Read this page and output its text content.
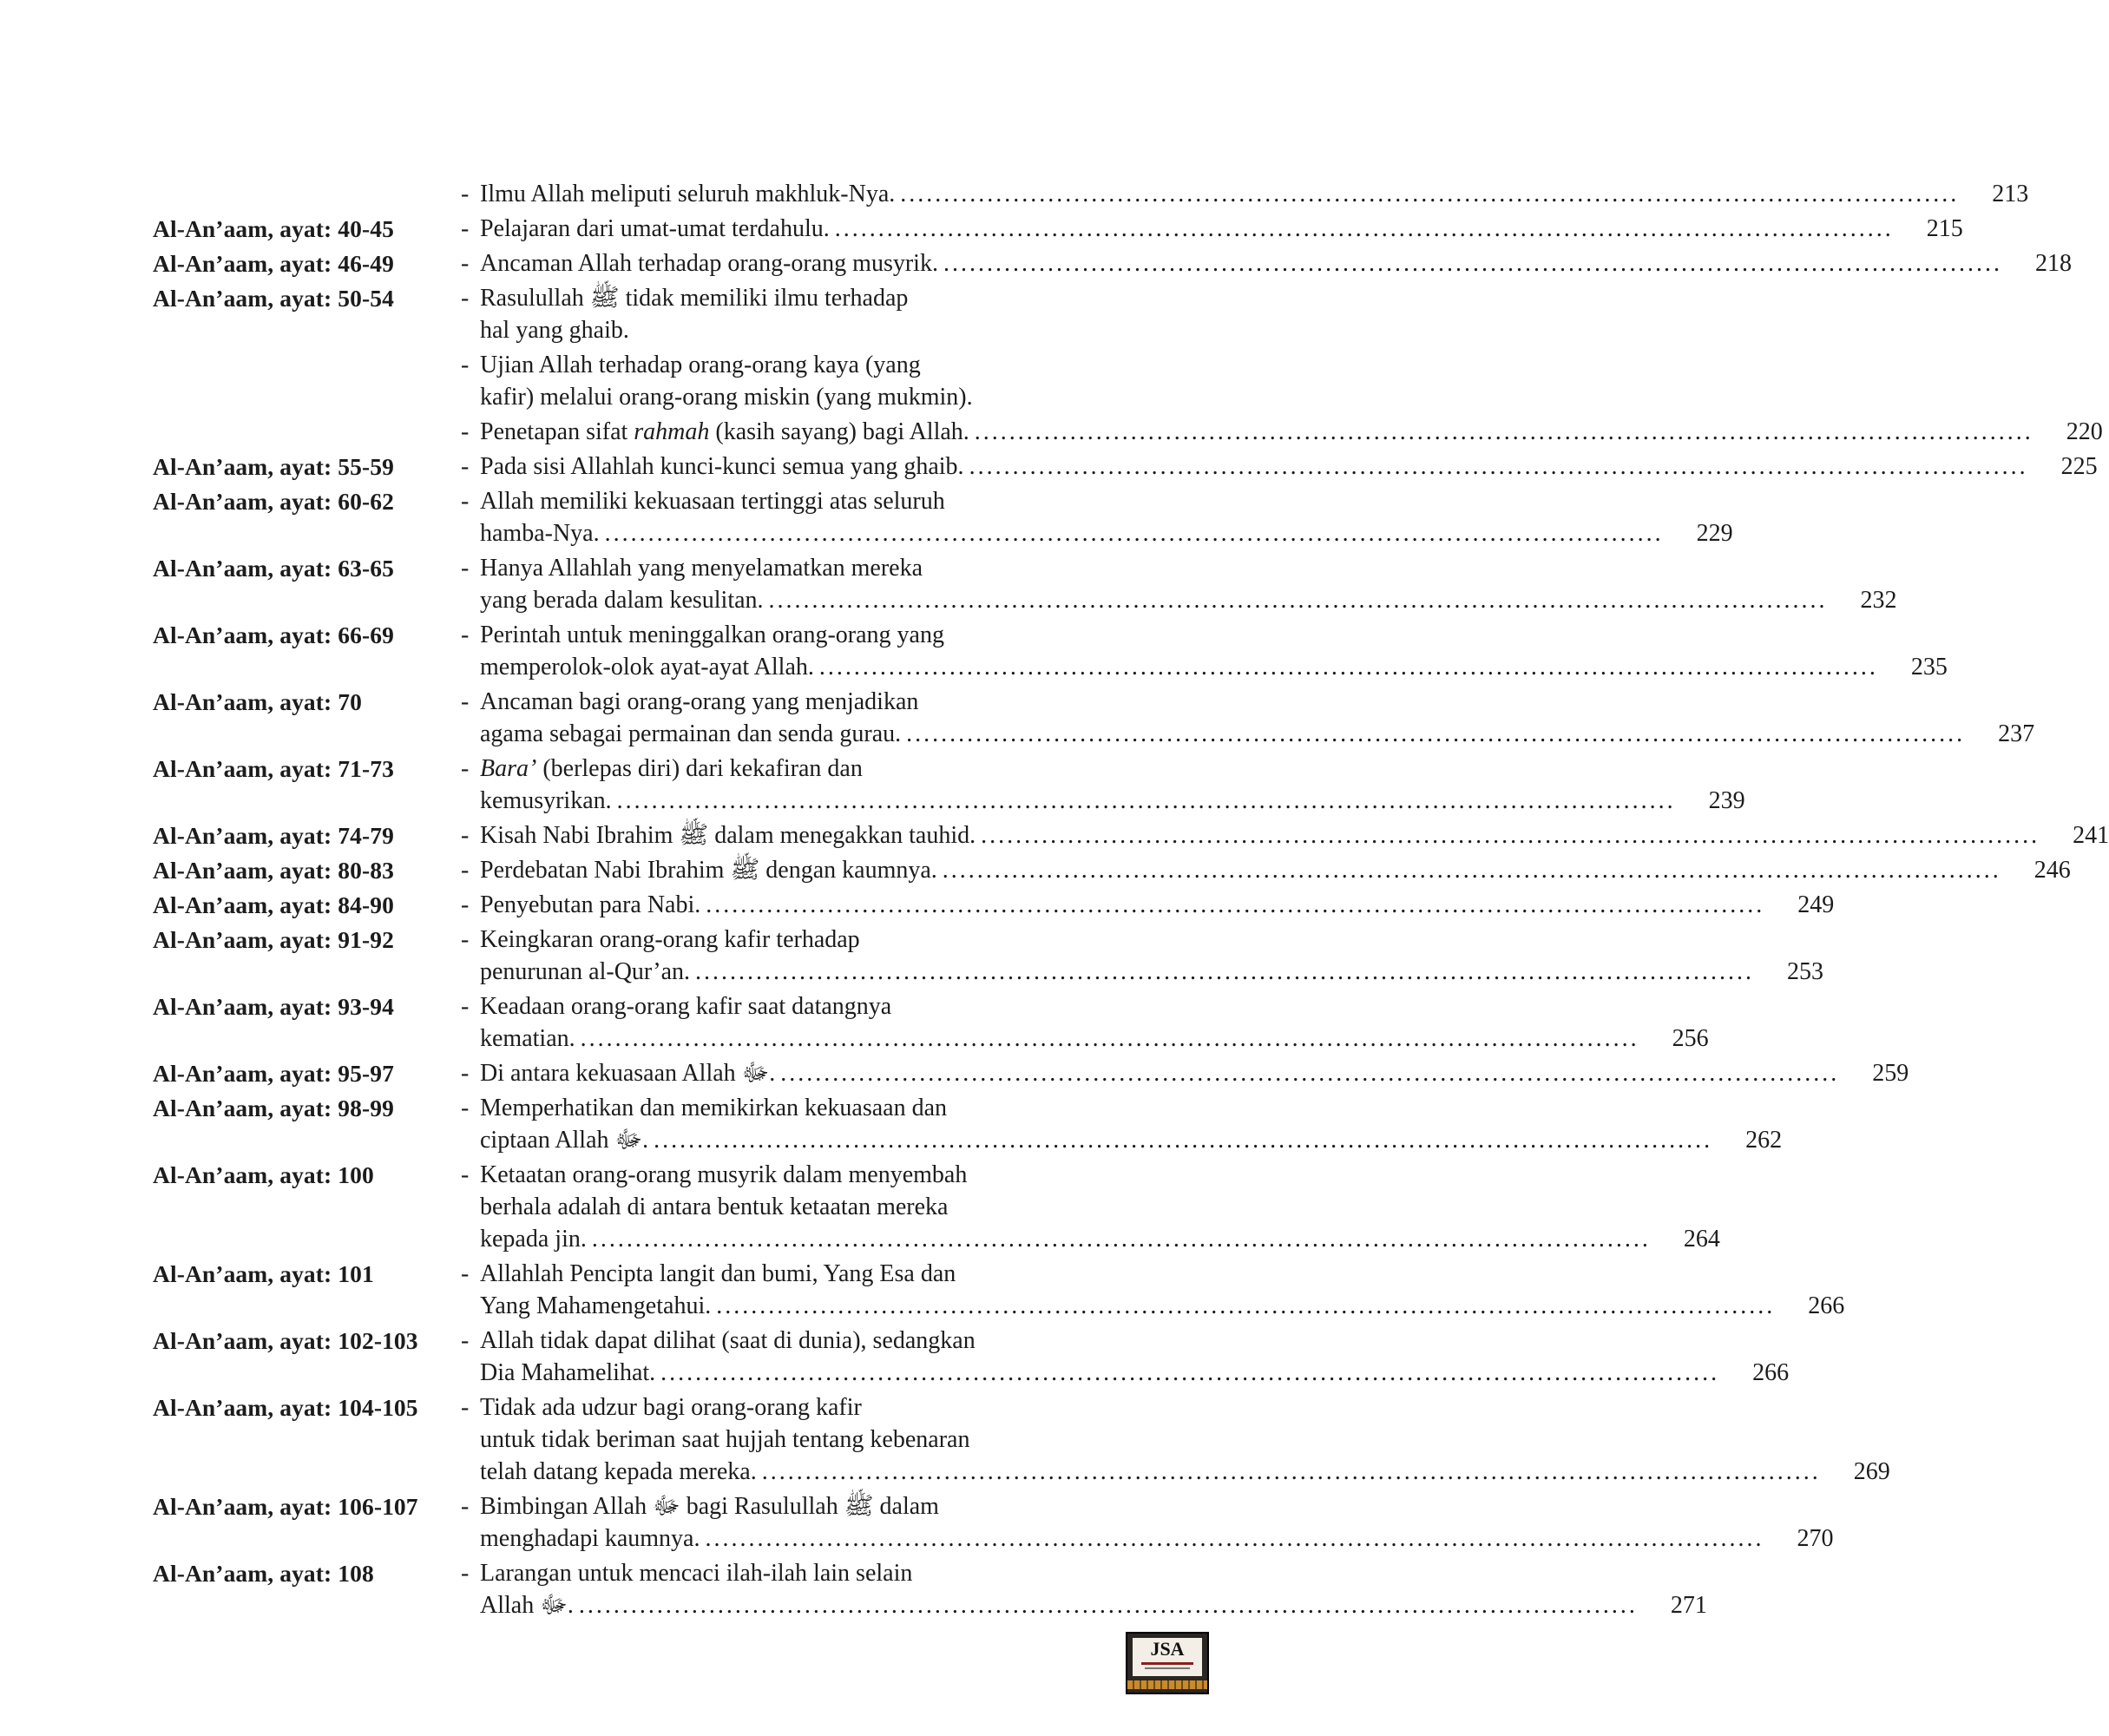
- Ilmu Allah meliputi seluruh makhluk-Nya. .....	213
Al-An’aam, ayat: 40-45	- Pelajaran dari umat-umat terdahulu. .....	215
Al-An’aam, ayat: 46-49	- Ancaman Allah terhadap orang-orang musyrik. .....	218
Al-An’aam, ayat: 50-54	- Rasulullah ﷺ tidak memiliki ilmu terhadap
hal yang ghaib.
- Ujian Allah terhadap orang-orang kaya (yang
kafir) melalui orang-orang miskin (yang mukmin).
- Penetapan sifat rahmah (kasih sayang) bagi Allah. .....	220
Al-An’aam, ayat: 55-59	- Pada sisi Allahlah kunci-kunci semua yang ghaib. .....	225
Al-An’aam, ayat: 60-62	- Allah memiliki kekuasaan tertinggi atas seluruh
hamba-Nya. .....	229
Al-An’aam, ayat: 63-65	- Hanya Allahlah yang menyelamatkan mereka
yang berada dalam kesulitan. .....	232
Al-An’aam, ayat: 66-69	- Perintah untuk meninggalkan orang-orang yang
memperolok-olok ayat-ayat Allah. .....	235
Al-An’aam, ayat: 70	- Ancaman bagi orang-orang yang menjadikan
agama sebagai permainan dan senda gurau. .....	237
Al-An’aam, ayat: 71-73	- Bara’ (berlepas diri) dari kekafiran dan
kemusyrikan. .....	239
Al-An’aam, ayat: 74-79	- Kisah Nabi Ibrahim ﷺ dalam menegakkan tauhid. .....	241
Al-An’aam, ayat: 80-83	- Perdebatan Nabi Ibrahim ﷺ dengan kaumnya. .....	246
Al-An’aam, ayat: 84-90	- Penyebutan para Nabi. .....	249
Al-An’aam, ayat: 91-92	- Keingkaran orang-orang kafir terhadap
penurunan al-Qur’an. .....	253
Al-An’aam, ayat: 93-94	- Keadaan orang-orang kafir saat datangnya
kematian. .....	256
Al-An’aam, ayat: 95-97	- Di antara kekuasaan Allah ﷻ. .....	259
Al-An’aam, ayat: 98-99	- Memperhatikan dan memikirkan kekuasaan dan
ciptaan Allah ﷻ. .....	262
Al-An’aam, ayat: 100	- Ketaatan orang-orang musyrik dalam menyembah
berhala adalah di antara bentuk ketaatan mereka
kepada jin. .....	264
Al-An’aam, ayat: 101	- Allahlah Pencipta langit dan bumi, Yang Esa dan
Yang Mahamengetahui. .....	266
Al-An’aam, ayat: 102-103	- Allah tidak dapat dilihat (saat di dunia), sedangkan
Dia Mahamelihat. .....	266
Al-An’aam, ayat: 104-105	- Tidak ada udzur bagi orang-orang kafir
untuk tidak beriman saat hujjah tentang kebenaran
telah datang kepada mereka. .....	269
Al-An’aam, ayat: 106-107	- Bimbingan Allah ﷻ bagi Rasulullah ﷺ dalam
menghadapi kaumnya. .....	270
Al-An’aam, ayat: 108	- Larangan untuk mencaci ilah-ilah lain selain
Allah ﷻ. .....	271
JSA
